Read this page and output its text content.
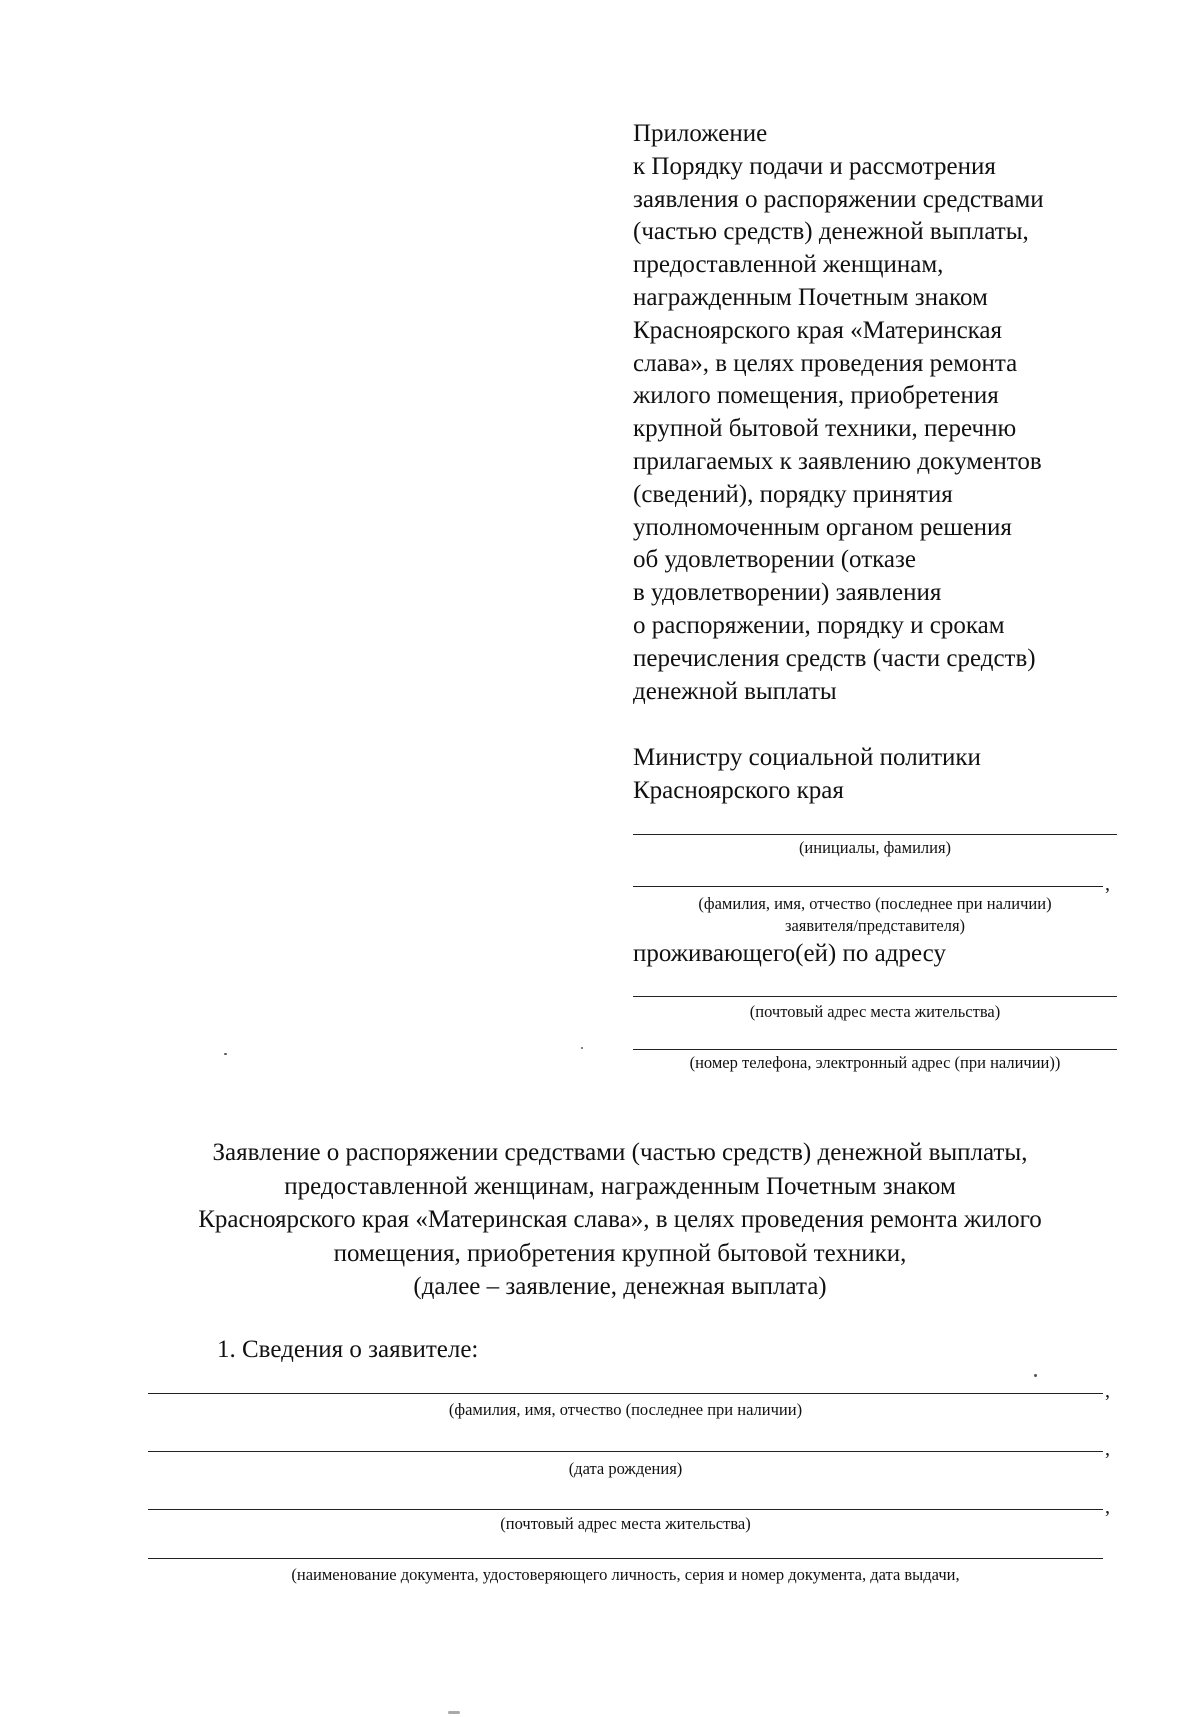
Приложение
к Порядку подачи и рассмотрения
заявления о распоряжении средствами
(частью средств) денежной выплаты,
предоставленной женщинам,
награжденным Почетным знаком
Красноярского края «Материнская
слава», в целях проведения ремонта
жилого помещения, приобретения
крупной бытовой техники, перечню
прилагаемых к заявлению документов
(сведений), порядку принятия
уполномоченным органом решения
об удовлетворении (отказе
в удовлетворении) заявления
о распоряжении, порядку и срокам
перечисления средств (части средств)
денежной выплаты
Министру социальной политики
Красноярского края
(инициалы, фамилия)
,
(фамилия, имя, отчество (последнее при наличии)
заявителя/представителя)
проживающего(ей) по адресу
(почтовый адрес места жительства)
(номер телефона, электронный адрес (при наличии))
Заявление о распоряжении средствами (частью средств) денежной выплаты,
предоставленной женщинам, награжденным Почетным знаком
Красноярского края «Материнская слава», в целях проведения ремонта жилого
помещения, приобретения крупной бытовой техники,
(далее – заявление, денежная выплата)
1. Сведения о заявителе:
,
(фамилия, имя, отчество (последнее при наличии)
,
(дата рождения)
,
(почтовый адрес места жительства)
(наименование документа, удостоверяющего личность, серия и номер документа, дата выдачи,
